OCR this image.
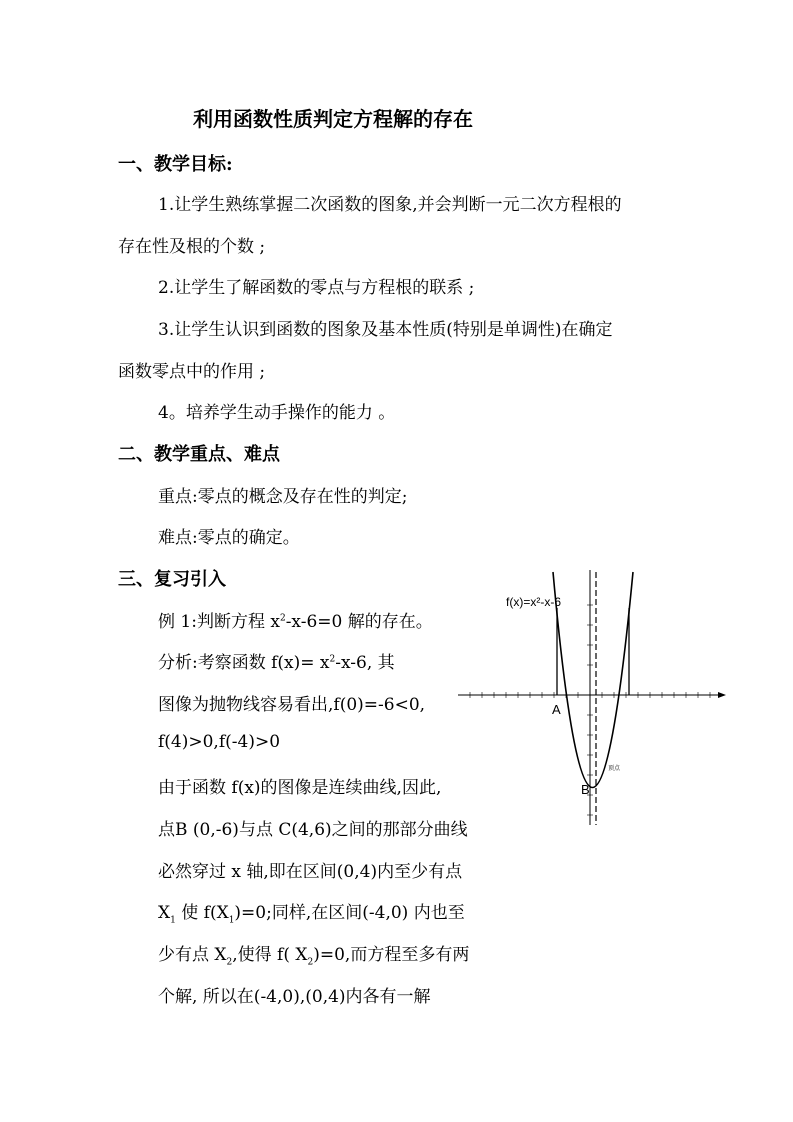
利用函数性质判定方程解的存在
一、教学目标:
1.让学生熟练掌握二次函数的图象,并会判断一元二次方程根的
存在性及根的个数 ;
2.让学生了解函数的零点与方程根的联系 ;
3.让学生认识到函数的图象及基本性质(特别是单调性)在确定
函数零点中的作用 ;
4。培养学生动手操作的能力 。
二、教学重点、难点
重点:零点的概念及存在性的判定;
难点:零点的确定。
三、复习引入
例 1:判断方程 $x^2-x-6=0$ 解的存在。
分析:考察函数 $f(x)= x^2-x-6$, 其
图像为抛物线容易看出,f(0)=-6<0,
f(4)>0,f(-4)>0
由于函数 f(x)的图像是连续曲线,因此,
点B (0,-6)与点 C(4,6)之间的那部分曲线
必然穿过 x 轴,即在区间(0,4)内至少有点
$X_1$ 使 $f(X_1)=0$;同样,在区间(-4,0) 内也至
少有点 $X_2$,使得 f( $X_2)=0$,而方程至多有两
个解, 所以在(-4,0),(0,4)内各有一解
f(x)=x²-x-6
A
B
顶点
